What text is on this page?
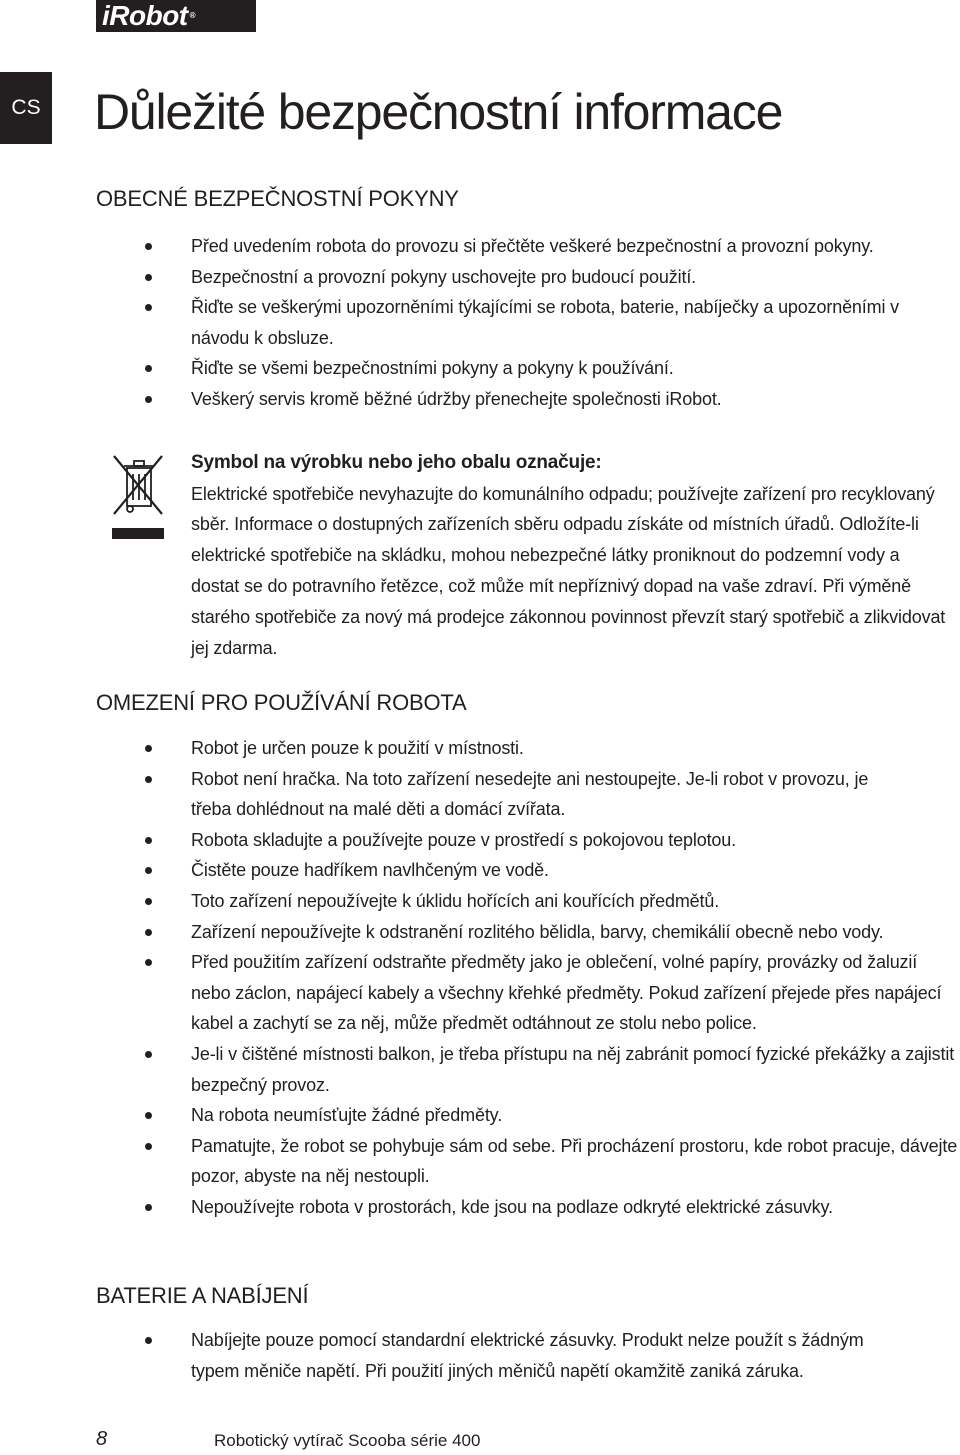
iRobot ®
CS Důležité bezpečnostní informace
OBECNÉ BEZPEČNOSTNÍ POKYNY
Před uvedením robota do provozu si přečtěte veškeré bezpečnostní a provozní pokyny.
Bezpečnostní a provozní pokyny uschovejte pro budoucí použití.
Řiďte se veškerými upozorněními týkajícími se robota, baterie, nabíječky a upozorněními v návodu k obsluze.
Řiďte se všemi bezpečnostními pokyny a pokyny k používání.
Veškerý servis kromě běžné údržby přenechejte společnosti iRobot.

Symbol na výrobku nebo jeho obalu označuje:

Elektrické spotřebiče nevyhazujte do komunálního odpadu; používejte zařízení pro recyklovaný sběr. Informace o dostupných zařízeních sběru odpadu získáte od místních úřadů. Odložíte-li elektrické spotřebiče na skládku, mohou nebezpečné látky proniknout do podzemní vody a dostat se do potravního řetězce, což může mít nepříznivý dopad na vaše zdraví. Při výměně starého spotřebiče za nový má prodejce zákonnou povinnost převzít starý spotřebič a zlikvidovat jej zdarma.

OMEZENÍ PRO POUŽÍVÁNÍ ROBOTA
Robot je určen pouze k použití v místnosti.
Robot není hračka. Na toto zařízení nesedejte ani nestoupejte. Je-li robot v provozu, je třeba dohlédnout na malé děti a domácí zvířata.
Robota skladujte a používejte pouze v prostředí s pokojovou teplotou.
Čistěte pouze hadříkem navlhčeným ve vodě.
Toto zařízení nepoužívejte k úklidu hořících ani kouřících předmětů.
Zařízení nepoužívejte k odstranění rozlitého bělidla, barvy, chemikálií obecně nebo vody.
Před použitím zařízení odstraňte předměty jako je oblečení, volné papíry, provázky od žaluzií nebo záclon, napájecí kabely a všechny křehké předměty. Pokud zařízení přejede přes napájecí kabel a zachytí se za něj, může předmět odtáhnout ze stolu nebo police.
Je-li v čištěné místnosti balkon, je třeba přístupu na něj zabránit pomocí fyzické překážky a zajistit bezpečný provoz.
Na robota neumísťujte žádné předměty.
Pamatujte, že robot se pohybuje sám od sebe. Při procházení prostoru, kde robot pracuje, dávejte pozor, abyste na něj nestoupli.
Nepoužívejte robota v prostorách, kde jsou na podlaze odkryté elektrické zásuvky.
BATERIE A NABÍJENÍ
Nabíjejte pouze pomocí standardní elektrické zásuvky. Produkt nelze použít s žádným typem měniče napětí. Při použití jiných měničů napětí okamžitě zaniká záruka.
8	Robotický vytírač Scooba série 400
